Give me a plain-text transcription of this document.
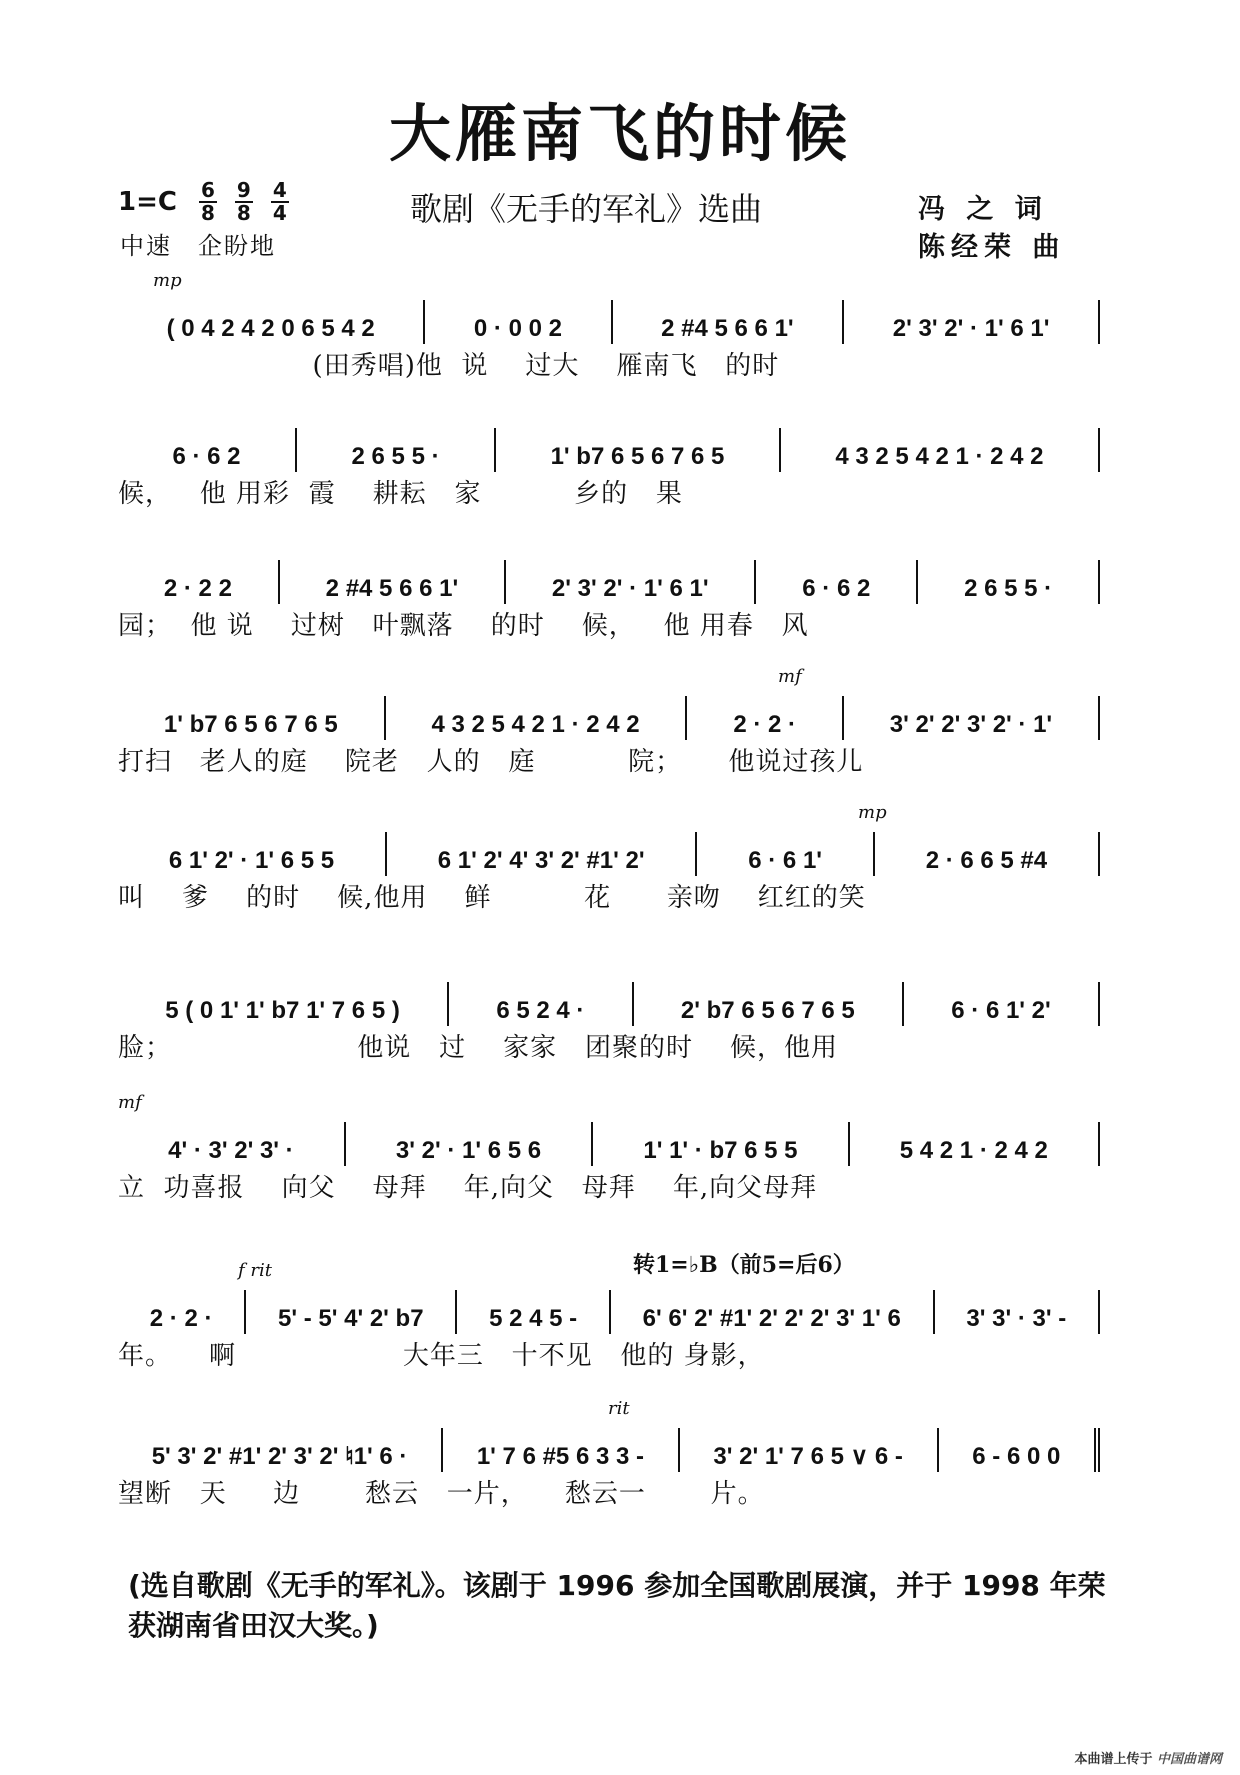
大雁南飞的时候
$1=C \frac{6}{8} \frac{9}{8} \frac{4}{4}$	歌剧《无手的军礼》选曲
中速　企盼地
冯 之 词
陈经荣 曲
mp
( 0 4 2 4 2 0 6 5 4 2	0 · 0 0 2	2 #4 5 6 6 1'	2' 3' 2' · 1' 6 1'
(田秀唱)他  说    过大    雁南飞   的时
6 · 6 2	2 6 5 5 ·	1' b7 6 5 6 7 6 5	4 3 2 5 4 2 1 · 2 4 2
候，   他 用彩  霞    耕耘   家          乡的   果
2 · 2 2	2 #4 5 6 6 1'	2' 3' 2' · 1' 6 1'	6 · 6 2	2 6 5 5 ·
园；  他 说    过树   叶飘落    的时    候，   他 用春   风
mf
1' b7 6 5 6 7 6 5	4 3 2 5 4 2 1 · 2 4 2	2 · 2 ·	3' 2' 2' 3' 2' · 1'
打扫   老人的庭    院老   人的   庭          院；     他说过孩儿
mp
6 1' 2' · 1' 6 5 5	6 1' 2' 4' 3' 2' #1' 2'	6 · 6 1'	2 · 6 6 5 #4
叫    爹    的时    候,他用    鲜          花      亲吻    红红的笑
5 ( 0 1' 1' b7 1' 7 6 5 )	6 5 2 4 ·	2' b7 6 5 6 7 6 5	6 · 6 1' 2'
脸；                    他说   过    家家   团聚的时    候，他用
mf
4' · 3' 2' 3' ·	3' 2' · 1' 6 5 6	1' 1' · b7 6 5 5	5 4 2 1 · 2 4 2
立  功喜报    向父    母拜    年,向父   母拜    年,向父母拜
f rit
2 · 2 ·	5' - 5' 4' 2' b7	5 2 4 5 -	6' 6' 2' #1' 2' 2' 2' 3' 1' 6	3' 3' · 3' -
年。    啊                  大年三   十不见   他的 身影，
rit
5' 3' 2' #1' 2' 3' 2' ♮1' 6 ·	1' 7 6 #5 6 3 3 -	3' 2' 1' 7 6 5 ∨ 6 -	6 - 6 0 0
望断   天     边       愁云   一片，    愁云一       片。
转1=♭B（前5=后6）
(选自歌剧《无手的军礼》。该剧于 1996 参加全国歌剧展演，并于 1998 年荣获湖南省田汉大奖。)
本曲谱上传于 中国曲谱网
